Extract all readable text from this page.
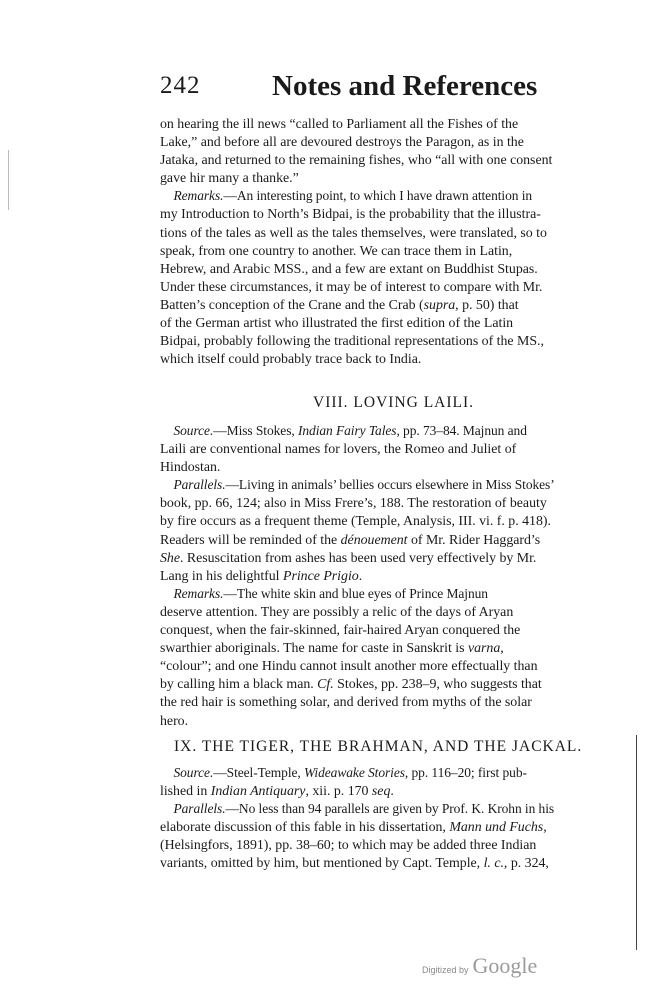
242 Notes and References
on hearing the ill news “called to Parliament all the Fishes of the
Lake,” and before all are devoured destroys the Paragon, as in the
Jataka, and returned to the remaining fishes, who “all with one consent
gave hir many a thanke.”
Remarks.—An interesting point, to which I have drawn attention in
my Introduction to North’s Bidpai, is the probability that the illustra-
tions of the tales as well as the tales themselves, were translated, so to
speak, from one country to another. We can trace them in Latin,
Hebrew, and Arabic MSS., and a few are extant on Buddhist Stupas.
Under these circumstances, it may be of interest to compare with Mr.
Batten’s conception of the Crane and the Crab (supra, p. 50) that
of the German artist who illustrated the first edition of the Latin
Bidpai, probably following the traditional representations of the MS.,
which itself could probably trace back to India.
VIII. LOVING LAILI.
Source.—Miss Stokes, Indian Fairy Tales, pp. 73–84. Majnun and
Laili are conventional names for lovers, the Romeo and Juliet of
Hindostan.
Parallels.—Living in animals’ bellies occurs elsewhere in Miss Stokes’
book, pp. 66, 124; also in Miss Frere’s, 188. The restoration of beauty
by fire occurs as a frequent theme (Temple, Analysis, III. vi. f. p. 418).
Readers will be reminded of the dénouement of Mr. Rider Haggard’s
She. Resuscitation from ashes has been used very effectively by Mr.
Lang in his delightful Prince Prigio.
Remarks.—The white skin and blue eyes of Prince Majnun
deserve attention. They are possibly a relic of the days of Aryan
conquest, when the fair-skinned, fair-haired Aryan conquered the
swarthier aboriginals. The name for caste in Sanskrit is varna,
“colour”; and one Hindu cannot insult another more effectually than
by calling him a black man. Cf. Stokes, pp. 238–9, who suggests that
the red hair is something solar, and derived from myths of the solar
hero.
IX. THE TIGER, THE BRAHMAN, AND THE JACKAL.
Source.—Steel-Temple, Wideawake Stories, pp. 116–20; first pub-
lished in Indian Antiquary, xii. p. 170 seq.
Parallels.—No less than 94 parallels are given by Prof. K. Krohn in his
elaborate discussion of this fable in his dissertation, Mann und Fuchs,
(Helsingfors, 1891), pp. 38–60; to which may be added three Indian
variants, omitted by him, but mentioned by Capt. Temple, l. c., p. 324,
Digitized by Google
